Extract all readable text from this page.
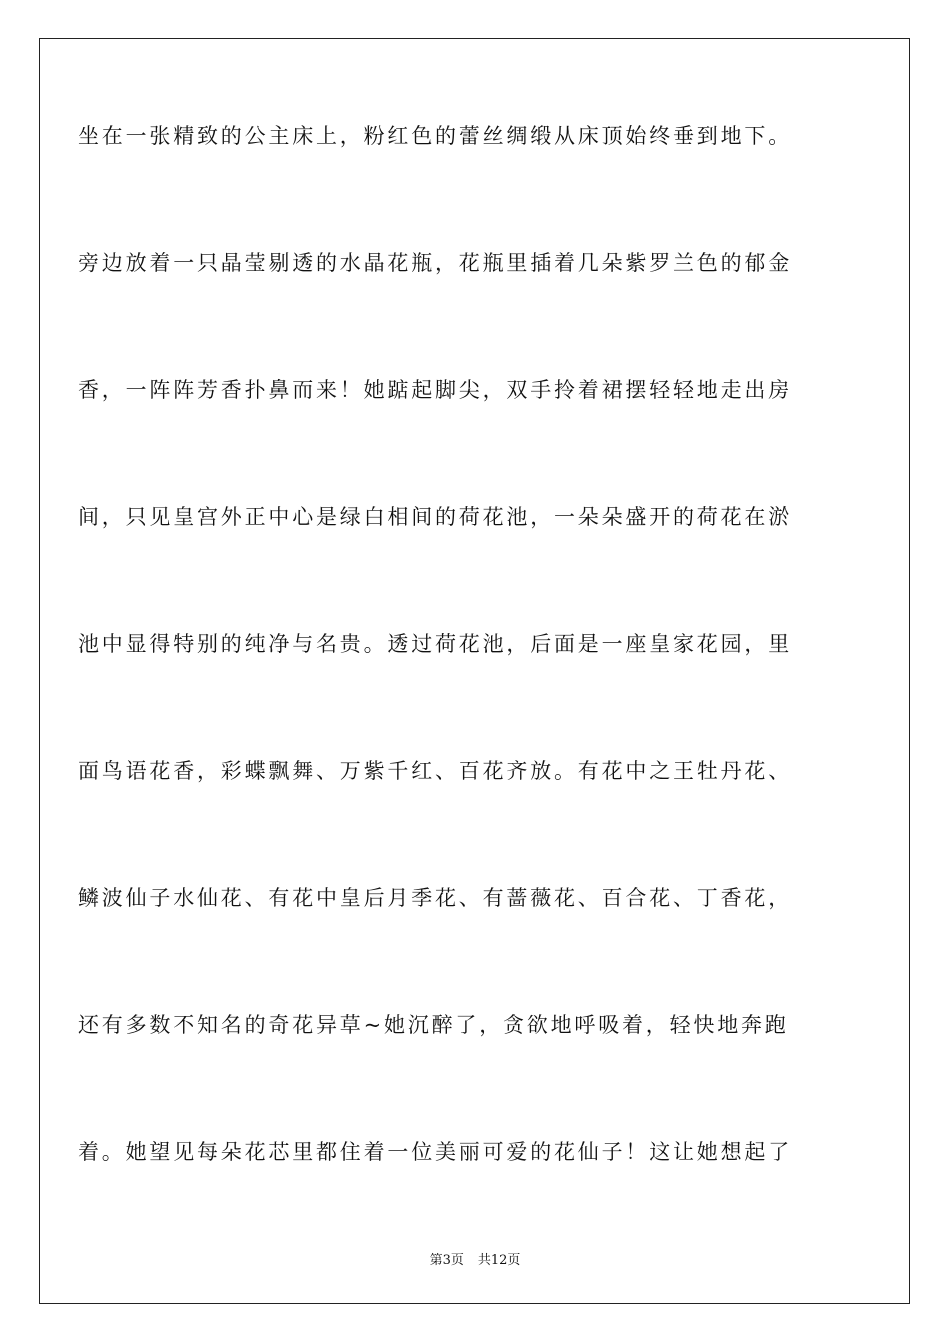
坐在一张精致的公主床上，粉红色的蕾丝绸缎从床顶始终垂到地下。

旁边放着一只晶莹剔透的水晶花瓶，花瓶里插着几朵紫罗兰色的郁金

香，一阵阵芳香扑鼻而来！她踮起脚尖，双手拎着裙摆轻轻地走出房

间，只见皇宫外正中心是绿白相间的荷花池，一朵朵盛开的荷花在淤

池中显得特别的纯净与名贵。透过荷花池，后面是一座皇家花园，里

面鸟语花香，彩蝶飘舞、万紫千红、百花齐放。有花中之王牡丹花、

鳞波仙子水仙花、有花中皇后月季花、有蔷薇花、百合花、丁香花，

还有多数不知名的奇花异草~她沉醉了，贪欲地呼吸着，轻快地奔跑

着。她望见每朵花芯里都住着一位美丽可爱的花仙子！这让她想起了

第3页 共12页
